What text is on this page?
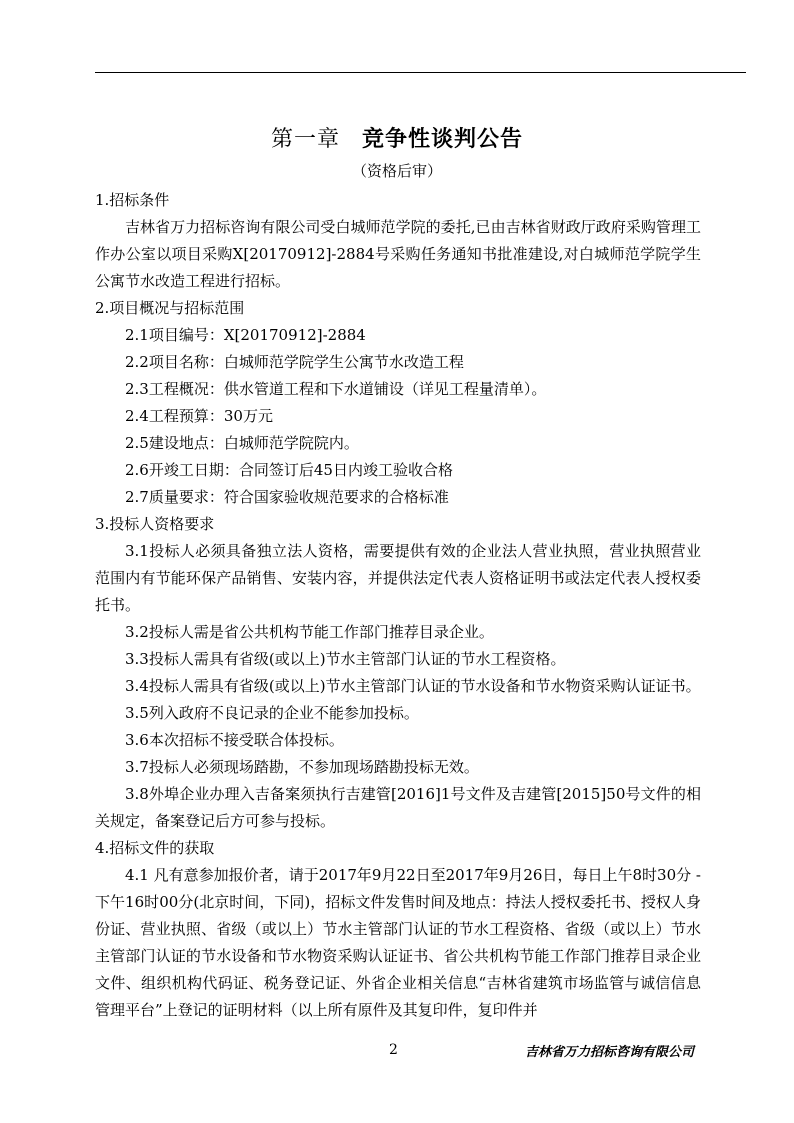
第一章 竞争性谈判公告
（资格后审）

1.招标条件

吉林省万力招标咨询有限公司受白城师范学院的委托,已由吉林省财政厅政府采购管理工作办公室以项目采购X[20170912]-2884号采购任务通知书批准建设,对白城师范学院学生公寓节水改造工程进行招标。

2.项目概况与招标范围

2.1项目编号：X[20170912]-2884

2.2项目名称：白城师范学院学生公寓节水改造工程

2.3工程概况：供水管道工程和下水道铺设（详见工程量清单）。

2.4工程预算：30万元

2.5建设地点：白城师范学院院内。

2.6开竣工日期：合同签订后45日内竣工验收合格

2.7质量要求：符合国家验收规范要求的合格标准

3.投标人资格要求

3.1投标人必须具备独立法人资格，需要提供有效的企业法人营业执照，营业执照营业范围内有节能环保产品销售、安装内容，并提供法定代表人资格证明书或法定代表人授权委托书。

3.2投标人需是省公共机构节能工作部门推荐目录企业。

3.3投标人需具有省级(或以上)节水主管部门认证的节水工程资格。

3.4投标人需具有省级(或以上)节水主管部门认证的节水设备和节水物资采购认证证书。

3.5列入政府不良记录的企业不能参加投标。

3.6本次招标不接受联合体投标。

3.7投标人必须现场踏勘，不参加现场踏勘投标无效。

3.8外埠企业办理入吉备案须执行吉建管[2016]1号文件及吉建管[2015]50号文件的相关规定，备案登记后方可参与投标。

4.招标文件的获取

4.1 凡有意参加报价者，请于2017年9月22日至2017年9月26日，每日上午8时30分 -下午16时00分(北京时间，下同)，招标文件发售时间及地点：持法人授权委托书、授权人身份证、营业执照、省级（或以上）节水主管部门认证的节水工程资格、省级（或以上）节水主管部门认证的节水设备和节水物资采购认证证书、省公共机构节能工作部门推荐目录企业文件、组织机构代码证、税务登记证、外省企业相关信息“吉林省建筑市场监管与诚信信息管理平台”上登记的证明材料（以上所有原件及其复印件，复印件并

2	吉林省万力招标咨询有限公司
